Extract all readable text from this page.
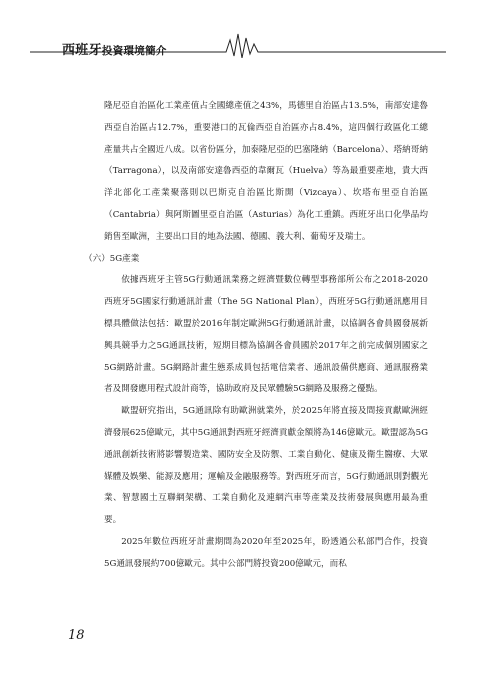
西班牙投資環境簡介

隆尼亞自治區化工業產值占全國總產值之43%，馬德里自治區占13.5%，南部安達魯西亞自治區占12.7%，重要港口的瓦倫西亞自治區亦占8.4%，這四個行政區化工總產量共占全國近八成。以省份區分，加泰隆尼亞的巴塞隆納（Barcelona）、塔納哥納（Tarragona），以及南部安達魯西亞的韋爾瓦（Huelva）等為最重要產地，貴大西洋北部化工產業聚落則以巴斯克自治區比斯開（Vizcaya）、坎塔布里亞自治區（Cantabria）與阿斯圖里亞自治區（Asturias）為化工重鎮。西班牙出口化學品均銷售至歐洲，主要出口目的地為法國、德國、義大利、葡萄牙及瑞士。

（六）5G產業

依據西班牙主管5G行動通訊業務之經濟暨數位轉型事務部所公布之2018-2020西班牙5G國家行動通訊計畫（The 5G National Plan），西班牙5G行動通訊應用目標具體做法包括：歐盟於2016年制定歐洲5G行動通訊計畫，以協調各會員國發展新興具競爭力之5G通訊技術，短期目標為協調各會員國於2017年之前完成個別國家之5G網路計畫。5G網路計畫生態系成員包括電信業者、通訊設備供應商、通訊服務業者及開發應用程式設計商等，協助政府及民眾體驗5G網路及服務之優點。

歐盟研究指出，5G通訊除有助歐洲就業外，於2025年將直接及間接貢獻歐洲經濟發展625億歐元，其中5G通訊對西班牙經濟貢獻金額將為146億歐元。歐盟認為5G通訊創新技術將影響製造業、國防安全及防禦、工業自動化、健康及衛生醫療、大眾媒體及娛樂、能源及應用；運輸及金融服務等。對西班牙而言，5G行動通訊則對觀光業、智慧國土互聯網架構、工業自動化及連網汽車等產業及技術發展與應用最為重要。

2025年數位西班牙計畫期間為2020年至2025年，盼透過公私部門合作，投資5G通訊發展約700億歐元。其中公部門將投資200億歐元，而私

18
